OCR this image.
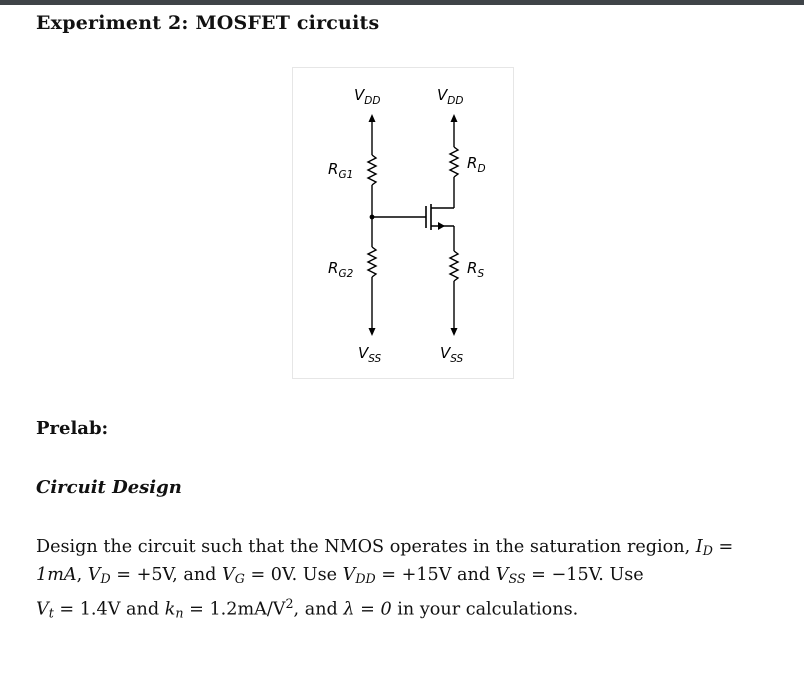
Experiment 2: MOSFET circuits
$V_{DD}$	$V_{DD}$
$R_{G1}$
$R_{G2}$
$R_D$
$R_S$
$V_{SS}$	$V_{SS}$
Prelab:
Circuit Design

Design the circuit such that the NMOS operates in the saturation region, ID =
1mA, VD = +5V, and VG = 0V. Use VDD = +15V and VSS = −15V. Use
Vt = 1.4V and kn = $1.2mA/V^2$, and λ = 0 in your calculations.
